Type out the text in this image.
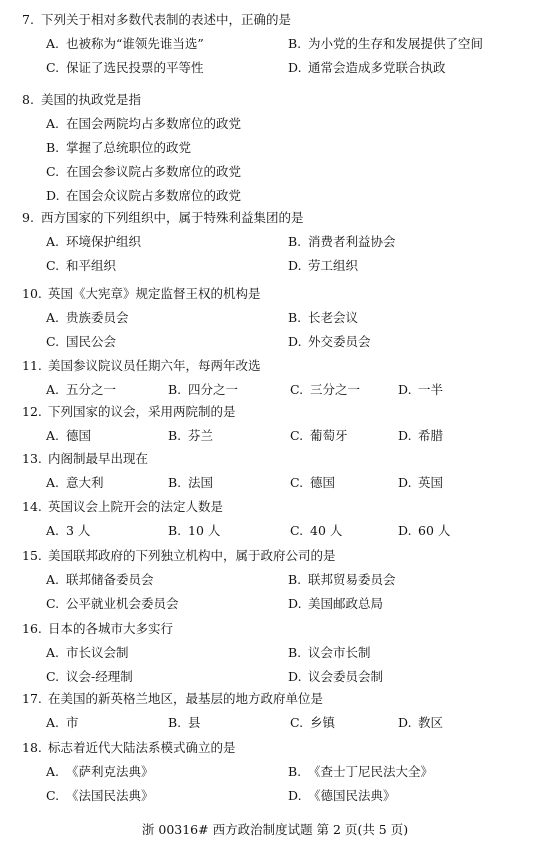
7. 下列关于相对多数代表制的表述中，正确的是
A. 也被称为“谁领先谁当选”	B. 为小党的生存和发展提供了空间
C. 保证了选民投票的平等性	D. 通常会造成多党联合执政
8. 美国的执政党是指
A. 在国会两院均占多数席位的政党
B. 掌握了总统职位的政党
C. 在国会参议院占多数席位的政党
D. 在国会众议院占多数席位的政党
9. 西方国家的下列组织中，属于特殊利益集团的是
A. 环境保护组织	B. 消费者利益协会
C. 和平组织	D. 劳工组织
10. 英国《大宪章》规定监督王权的机构是
A. 贵族委员会	B. 长老会议
C. 国民公会	D. 外交委员会
11. 美国参议院议员任期六年，每两年改选
A. 五分之一	B. 四分之一	C. 三分之一	D. 一半
12. 下列国家的议会，采用两院制的是
A. 德国	B. 芬兰	C. 葡萄牙	D. 希腊
13. 内阁制最早出现在
A. 意大利	B. 法国	C. 德国	D. 英国
14. 英国议会上院开会的法定人数是
A. 3 人	B. 10 人	C. 40 人	D. 60 人
15. 美国联邦政府的下列独立机构中，属于政府公司的是
A. 联邦储备委员会	B. 联邦贸易委员会
C. 公平就业机会委员会	D. 美国邮政总局
16. 日本的各城市大多实行
A. 市长议会制	B. 议会市长制
C. 议会-经理制	D. 议会委员会制
17. 在美国的新英格兰地区，最基层的地方政府单位是
A. 市	B. 县	C. 乡镇	D. 教区
18. 标志着近代大陆法系模式确立的是
A. 《萨利克法典》	B. 《查士丁尼民法大全》
C. 《法国民法典》	D. 《德国民法典》
浙 00316# 西方政治制度试题 第 2 页(共 5 页)
